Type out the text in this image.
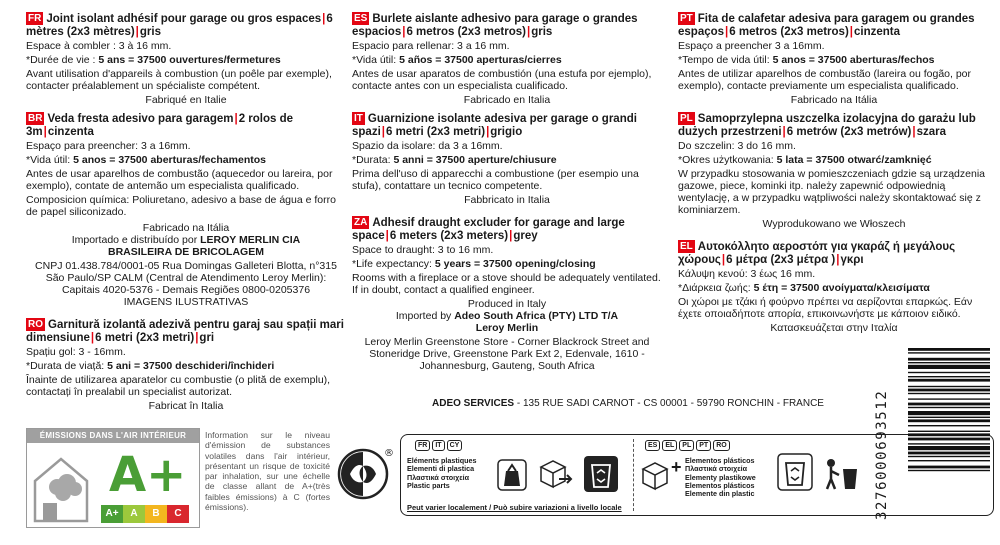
FR Joint isolant adhésif pour garage ou gros espaces|6 mètres (2x3 mètres)|gris
Espace à combler : 3 à 16 mm.
*Durée de vie : 5 ans = 37500 ouvertures/fermetures
Avant utilisation d'appareils à combustion (un poêle par exemple), contacter préalablement un spécialiste compétent.
Fabriqué en Italie
BR Veda fresta adesivo para garagem|2 rolos de 3m|cinzenta
Espaço para preencher: 3 a 16mm.
*Vida útil: 5 anos = 37500 aberturas/fechamentos
Antes de usar aparelhos de combustão (aquecedor ou lareira, por exemplo), contate de antemão um especialista qualificado.
Composicion química: Poliuretano, adesivo a base de água e forro de papel siliconizado.
Fabricado na Itália
Importado e distribuído por LEROY MERLIN CIA BRASILEIRA DE BRICOLAGEM
CNPJ 01.438.784/0001-05 Rua Domingas Galleteri Blotta, n°315 São Paulo/SP CALM (Central de Atendimento Leroy Merlin): Capitais 4020-5376 - Demais Regiões 0800-0205376
IMAGENS ILUSTRATIVAS
RO Garnitură izolantă adezivă pentru garaj sau spații mari dimensiune|6 metri (2x3 metri)|gri
Spațiu gol: 3 - 16mm.
*Durata de viață: 5 ani = 37500 deschideri/închideri
Înainte de utilizarea aparatelor cu combustie (o plită de exemplu), contactați în prealabil un specialist autorizat.
Fabricat în Italia
ES Burlete aislante adhesivo para garage o grandes espacios|6 metros (2x3 metros)|gris
Espacio para rellenar: 3 a 16 mm.
*Vida útil: 5 años = 37500 aperturas/cierres
Antes de usar aparatos de combustión (una estufa por ejemplo), contacte antes con un especialista cualificado.
Fabricado en Italia
IT Guarnizione isolante adesiva per garage o grandi spazi|6 metri (2x3 metri)|grigio
Spazio da isolare: da 3 a 16mm.
*Durata: 5 anni = 37500 aperture/chiusure
Prima dell'uso di apparecchi a combustione (per esempio una stufa), contattare un tecnico competente.
Fabbricato in Italia
ZA Adhesif draught excluder for garage and large space|6 meters (2x3 meters)|grey
Space to draught: 3 to 16 mm.
*Life expectancy: 5 years = 37500 opening/closing
Rooms with a fireplace or a stove should be adequately ventilated. If in doubt, contact a qualified engineer.
Produced in Italy
Imported by Adeo South Africa (PTY) LTD T/A Leroy Merlin
Leroy Merlin Greenstone Store - Corner Blackrock Street and Stoneridge Drive, Greenstone Park Ext 2, Edenvale, 1610 - Johannesburg, Gauteng, South Africa
PT Fita de calafetar adesiva para garagem ou grandes espaços|6 metros (2x3 metros)|cinzenta
Espaço a preencher 3 a 16mm.
*Tempo de vida útil: 5 anos = 37500 aberturas/fechos
Antes de utilizar aparelhos de combustão (lareira ou fogão, por exemplo), contacte previamente um especialista qualificado.
Fabricado na Itália
PL Samoprzylepna uszczelka izolacyjna do garażu lub dużych przestrzeni|6 metrów (2x3 metrów)|szara
Do szczelin: 3 do 16 mm.
*Okres użytkowania: 5 lata = 37500 otwarć/zamknięć
W przypadku stosowania w pomieszczeniach gdzie są urządzenia gazowe, piece, kominki itp. należy zapewnić odpowiednią wentylację, a w przypadku wątpliwości należy skontaktować się z kominiarzem.
Wyprodukowano we Włoszech
EL Αυτοκόλλητο αεροστόπ για γκαράζ ή μεγάλους χώρους|6 μέτρα (2x3 μέτρα )|γκρι
Κάλυψη κενού: 3 έως 16 mm.
*Διάρκεια ζωής: 5 έτη = 37500 ανοίγματα/κλεισίματα
Οι χώροι με τζάκι ή φούρνο πρέπει να αερίζονται επαρκώς. Εάν έχετε οποιαδήποτε απορία, επικοινωνήστε με κάποιον ειδικό.
Κατασκευάζεται στην Ιταλία
ÉMISSIONS DANS L'AIR INTÉRIEUR
A+
A+	A	B	C
Information sur le niveau d'émission de substances volatiles dans l'air intérieur, présentant un risque de toxicité par inhalation, sur une échelle de classe allant de A+(très faibles émissions) à C (fortes émissions).
ADEO SERVICES - 135 RUE SADI CARNOT - CS 00001 - 59790 RONCHIN - FRANCE
®
FR	IT	CY
Eléments plastiques
Elementi di plastica
Πλαστικά στοιχεία
Plastic parts
Peut varier localement / Può subire variazioni a livello locale
ES	EL	PL	PT	RO
+ Elementos plásticos
Πλαστικά στοιχεία
Elementy plastikowe
Elementos plásticos
Elemente din plastic	3276000693512
